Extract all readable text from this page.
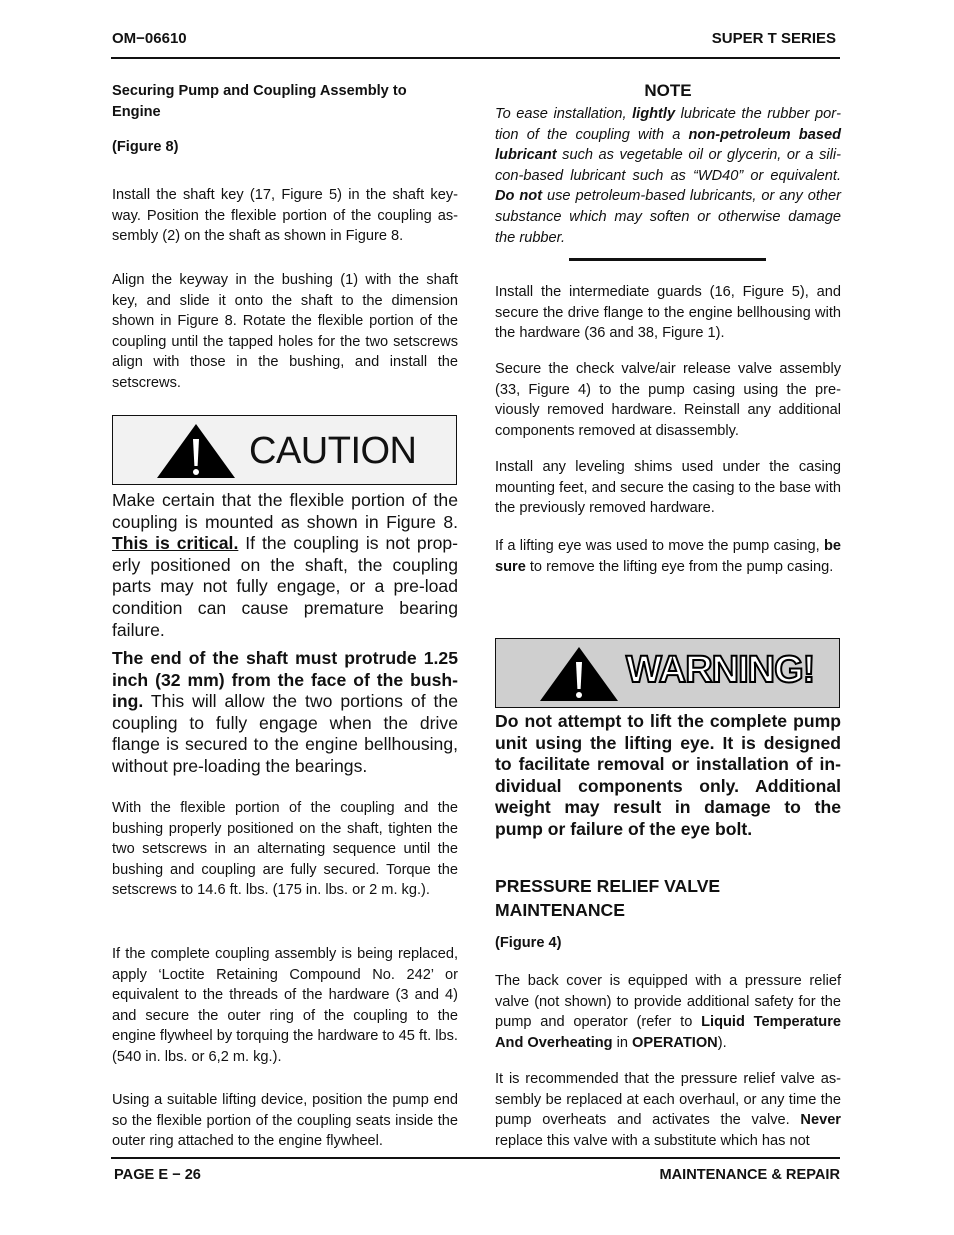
OM−06610	SUPER T SERIES

Securing Pump and Coupling Assembly to Engine

(Figure 8)

Install the shaft key (17, Figure 5) in the shaft keyway. Position the flexible portion of the coupling assembly (2) on the shaft as shown in Figure 8.

Align the keyway in the bushing (1) with the shaft key, and slide it onto the shaft to the dimension shown in Figure 8. Rotate the flexible portion of the coupling until the tapped holes for the two setscrews align with those in the bushing, and install the setscrews.

CAUTION

Make certain that the flexible portion of the coupling is mounted as shown in Figure 8. This is critical. If the coupling is not properly positioned on the shaft, the coupling parts may not fully engage, or a pre-load condition can cause premature bearing failure.

The end of the shaft must protrude 1.25 inch (32 mm) from the face of the bushing. This will allow the two portions of the coupling to fully engage when the drive flange is secured to the engine bellhousing, without pre-loading the bearings.

With the flexible portion of the coupling and the bushing properly positioned on the shaft, tighten the two setscrews in an alternating sequence until the bushing and coupling are fully secured. Torque the setscrews to 14.6 ft. lbs. (175 in. lbs. or 2 m. kg.).

If the complete coupling assembly is being replaced, apply ‘Loctite Retaining Compound No. 242’ or equivalent to the threads of the hardware (3 and 4) and secure the outer ring of the coupling to the engine flywheel by torquing the hardware to 45 ft. lbs. (540 in. lbs. or 6,2 m. kg.).

Using a suitable lifting device, position the pump end so the flexible portion of the coupling seats inside the outer ring attached to the engine flywheel.

NOTE

To ease installation, lightly lubricate the rubber portion of the coupling with a non-petroleum based lubricant such as vegetable oil or glycerin, or a silicon-based lubricant such as “WD40” or equivalent. Do not use petroleum-based lubricants, or any other substance which may soften or otherwise damage the rubber.

Install the intermediate guards (16, Figure 5), and secure the drive flange to the engine bellhousing with the hardware (36 and 38, Figure 1).

Secure the check valve/air release valve assembly (33, Figure 4) to the pump casing using the previously removed hardware. Reinstall any additional components removed at disassembly.

Install any leveling shims used under the casing mounting feet, and secure the casing to the base with the previously removed hardware.

If a lifting eye was used to move the pump casing, be sure to remove the lifting eye from the pump casing.

WARNING!

Do not attempt to lift the complete pump unit using the lifting eye. It is designed to facilitate removal or installation of individual components only. Additional weight may result in damage to the pump or failure of the eye bolt.

PRESSURE RELIEF VALVE MAINTENANCE

(Figure 4)

The back cover is equipped with a pressure relief valve (not shown) to provide additional safety for the pump and operator (refer to Liquid Temperature And Overheating in OPERATION).

It is recommended that the pressure relief valve assembly be replaced at each overhaul, or any time the pump overheats and activates the valve. Never replace this valve with a substitute which has not

PAGE E − 26	MAINTENANCE & REPAIR
